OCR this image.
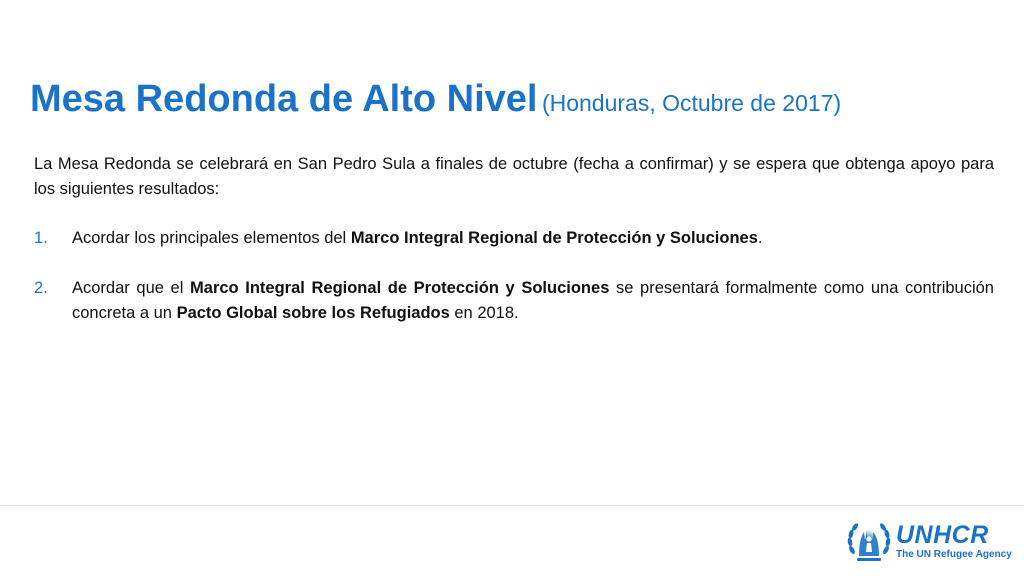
Mesa Redonda de Alto Nivel (Honduras, Octubre de 2017)

La Mesa Redonda se celebrará en San Pedro Sula a finales de octubre (fecha a confirmar) y se espera que obtenga apoyo para los siguientes resultados:

1. Acordar los principales elementos del Marco Integral Regional de Protección y Soluciones.
2. Acordar que el Marco Integral Regional de Protección y Soluciones se presentará formalmente como una contribución concreta a un Pacto Global sobre los Refugiados en 2018.
UNHCR
The UN Refugee Agency
